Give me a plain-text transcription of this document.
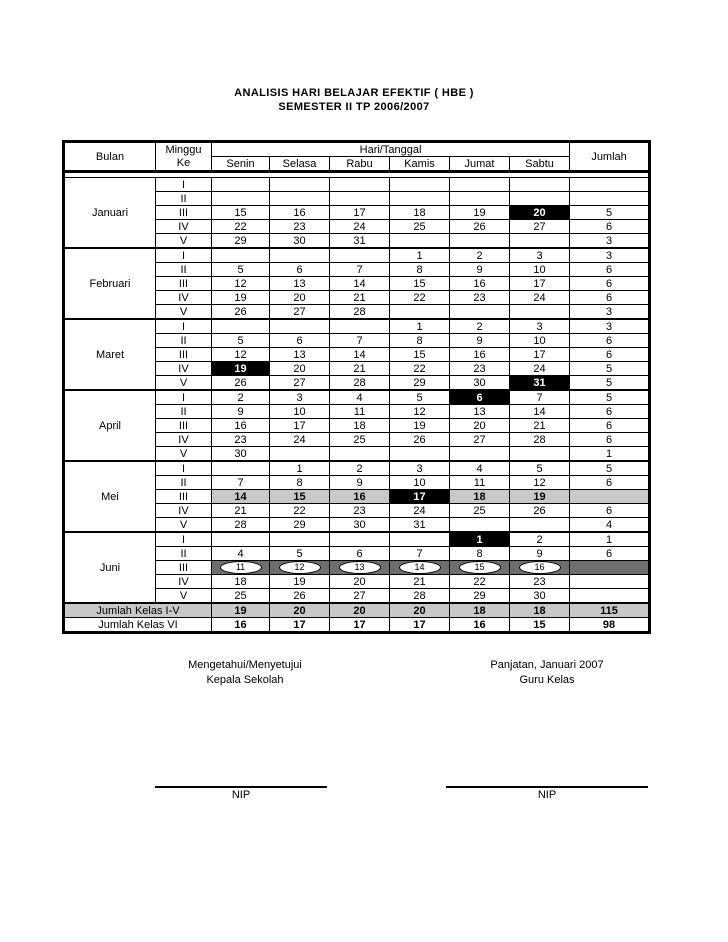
ANALISIS HARI BELAJAR EFEKTIF ( HBE )
SEMESTER II TP 2006/2007
Bulan	Minggu	Hari/Tanggal						Jumlah
	Ke	Senin	Selasa	Rabu	Kamis	Jumat	Sabtu	

Januari	I							
	II							
	III	15	16	17	18	19	20	5
	IV	22	23	24	25	26	27	6
	V	29	30	31				3
Februari	I				1	2	3	3
	II	5	6	7	8	9	10	6
	III	12	13	14	15	16	17	6
	IV	19	20	21	22	23	24	6
	V	26	27	28				3
Maret	I				1	2	3	3
	II	5	6	7	8	9	10	6
	III	12	13	14	15	16	17	6
	IV	19	20	21	22	23	24	5
	V	26	27	28	29	30	31	5
April	I	2	3	4	5	6	7	5
	II	9	10	11	12	13	14	6
	III	16	17	18	19	20	21	6
	IV	23	24	25	26	27	28	6
	V	30						1
Mei	I		1	2	3	4	5	5
	II	7	8	9	10	11	12	6
	III	14	15	16	17	18	19	
	IV	21	22	23	24	25	26	6
	V	28	29	30	31			4
Juni	I					1	2	1
	II	4	5	6	7	8	9	6
	III	11	12	13	14	15	16	
	IV	18	19	20	21	22	23	
	V	25	26	27	28	29	30	
Jumlah Kelas I-V		19	20	20	20	18	18	115
Jumlah Kelas VI		16	17	17	17	16	15	98
Mengetahui/Menyetujui
Kepala Sekolah
Panjatan, Januari 2007
Guru Kelas
NIP	NIP
